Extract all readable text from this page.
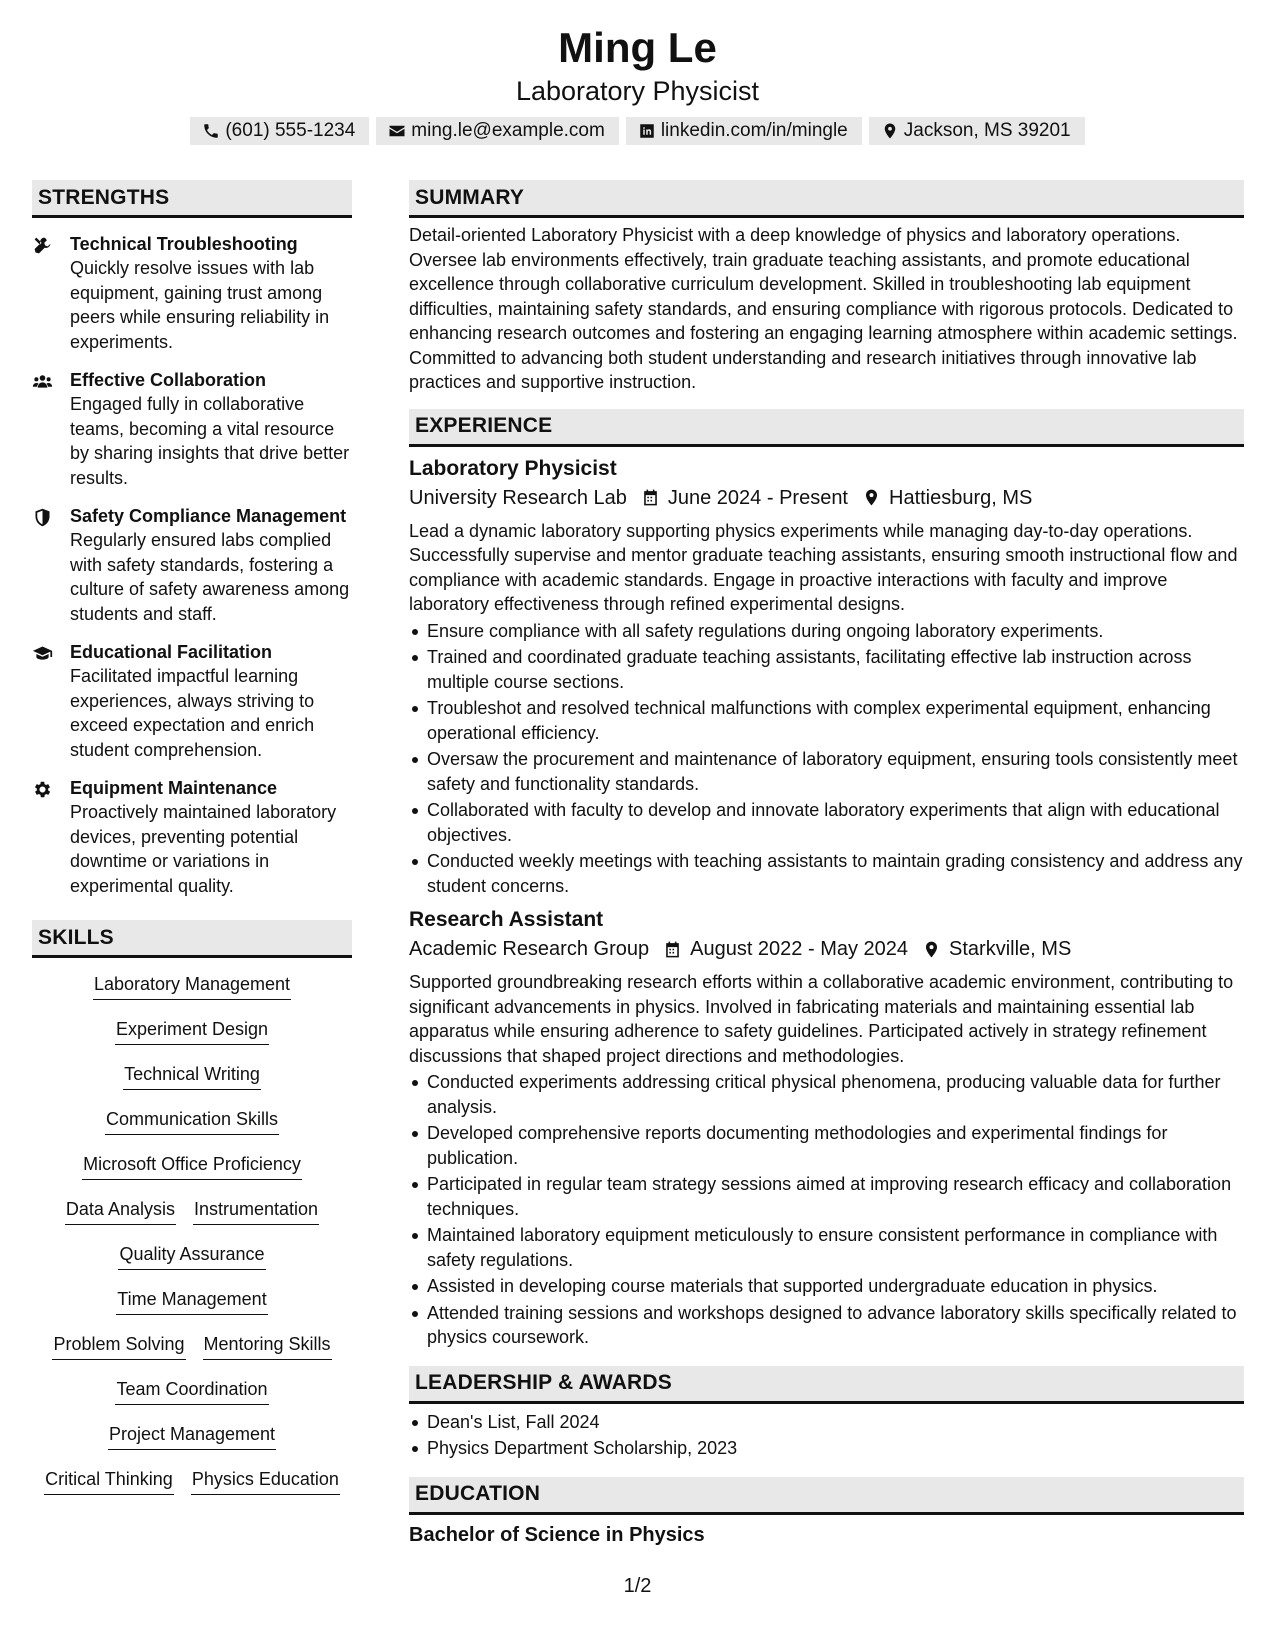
Ming Le
Laboratory Physicist
(601) 555-1234	ming.le@example.com	linkedin.com/in/mingle	Jackson, MS 39201
STRENGTHS
Technical Troubleshooting
Quickly resolve issues with lab equipment, gaining trust among peers while ensuring reliability in experiments.
Effective Collaboration
Engaged fully in collaborative teams, becoming a vital resource by sharing insights that drive better results.
Safety Compliance Management
Regularly ensured labs complied with safety standards, fostering a culture of safety awareness among students and staff.
Educational Facilitation
Facilitated impactful learning experiences, always striving to exceed expectation and enrich student comprehension.
Equipment Maintenance
Proactively maintained laboratory devices, preventing potential downtime or variations in experimental quality.
SKILLS
Laboratory Management
Experiment Design
Technical Writing
Communication Skills
Microsoft Office Proficiency
Data Analysis Instrumentation
Quality Assurance
Time Management
Problem Solving Mentoring Skills
Team Coordination
Project Management
Critical Thinking Physics Education
SUMMARY
Detail-oriented Laboratory Physicist with a deep knowledge of physics and laboratory operations. Oversee lab environments effectively, train graduate teaching assistants, and promote educational excellence through collaborative curriculum development. Skilled in troubleshooting lab equipment difficulties, maintaining safety standards, and ensuring compliance with rigorous protocols. Dedicated to enhancing research outcomes and fostering an engaging learning atmosphere within academic settings. Committed to advancing both student understanding and research initiatives through innovative lab practices and supportive instruction.
EXPERIENCE
Laboratory Physicist
University Research Lab June 2024 - Present Hattiesburg, MS
Lead a dynamic laboratory supporting physics experiments while managing day-to-day operations. Successfully supervise and mentor graduate teaching assistants, ensuring smooth instructional flow and compliance with academic standards. Engage in proactive interactions with faculty and improve laboratory effectiveness through refined experimental designs.
Ensure compliance with all safety regulations during ongoing laboratory experiments.
Trained and coordinated graduate teaching assistants, facilitating effective lab instruction across multiple course sections.
Troubleshot and resolved technical malfunctions with complex experimental equipment, enhancing operational efficiency.
Oversaw the procurement and maintenance of laboratory equipment, ensuring tools consistently meet safety and functionality standards.
Collaborated with faculty to develop and innovate laboratory experiments that align with educational objectives.
Conducted weekly meetings with teaching assistants to maintain grading consistency and address any student concerns.
Research Assistant
Academic Research Group August 2022 - May 2024 Starkville, MS
Supported groundbreaking research efforts within a collaborative academic environment, contributing to significant advancements in physics. Involved in fabricating materials and maintaining essential lab apparatus while ensuring adherence to safety guidelines. Participated actively in strategy refinement discussions that shaped project directions and methodologies.
Conducted experiments addressing critical physical phenomena, producing valuable data for further analysis.
Developed comprehensive reports documenting methodologies and experimental findings for publication.
Participated in regular team strategy sessions aimed at improving research efficacy and collaboration techniques.
Maintained laboratory equipment meticulously to ensure consistent performance in compliance with safety regulations.
Assisted in developing course materials that supported undergraduate education in physics.
Attended training sessions and workshops designed to advance laboratory skills specifically related to physics coursework.
LEADERSHIP & AWARDS
Dean's List, Fall 2024
Physics Department Scholarship, 2023
EDUCATION
Bachelor of Science in Physics
1/2
